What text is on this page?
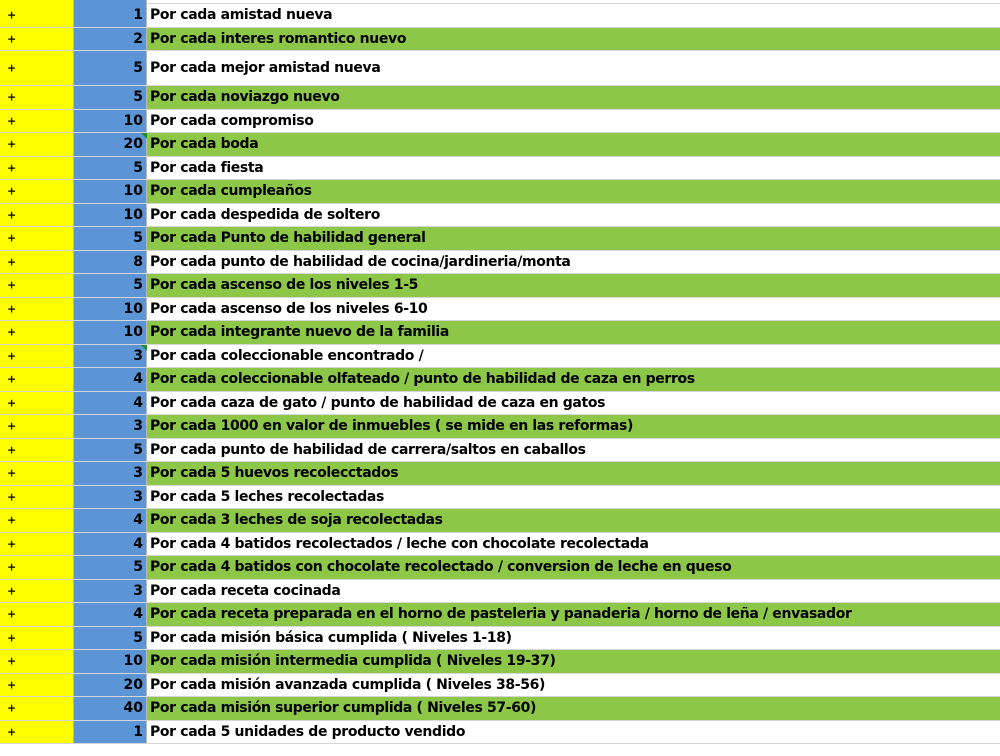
+	1 Por cada amistad nueva
+	2 Por cada interes romantico nuevo
+	5 Por cada mejor amistad nueva
+	5 Por cada noviazgo nuevo
+	10 Por cada compromiso
+	20 Por cada boda
+	5 Por cada fiesta
+	10 Por cada cumpleaños
+	10 Por cada despedida de soltero
+	5 Por cada Punto de habilidad general
+	8 Por cada punto de habilidad de cocina/jardineria/monta
+	5 Por cada ascenso de los niveles 1-5
+	10 Por cada ascenso de los niveles 6-10
+	10 Por cada integrante nuevo de la familia
+	3 Por cada coleccionable encontrado /
+	4 Por cada coleccionable olfateado / punto de habilidad de caza en perros
+	4 Por cada caza de gato / punto de habilidad de caza en gatos
+	3 Por cada 1000 en valor de inmuebles ( se mide en las reformas)
+	5 Por cada punto de habilidad de carrera/saltos en caballos
+	3 Por cada 5 huevos recolecctados
+	3 Por cada 5 leches recolectadas
+	4 Por cada 3 leches de soja recolectadas
+	4 Por cada 4 batidos recolectados / leche con chocolate recolectada
+	5 Por cada 4 batidos con chocolate recolectado / conversion de leche en queso
+	3 Por cada receta cocinada
+	4 Por cada receta preparada en el horno de pasteleria y panaderia / horno de leña / envasador
+	5 Por cada misión básica cumplida ( Niveles 1-18)
+	10 Por cada misión intermedia cumplida ( Niveles 19-37)
+	20 Por cada misión avanzada cumplida ( Niveles 38-56)
+	40 Por cada misión superior cumplida ( Niveles 57-60)
+	1 Por cada 5 unidades de producto vendido
